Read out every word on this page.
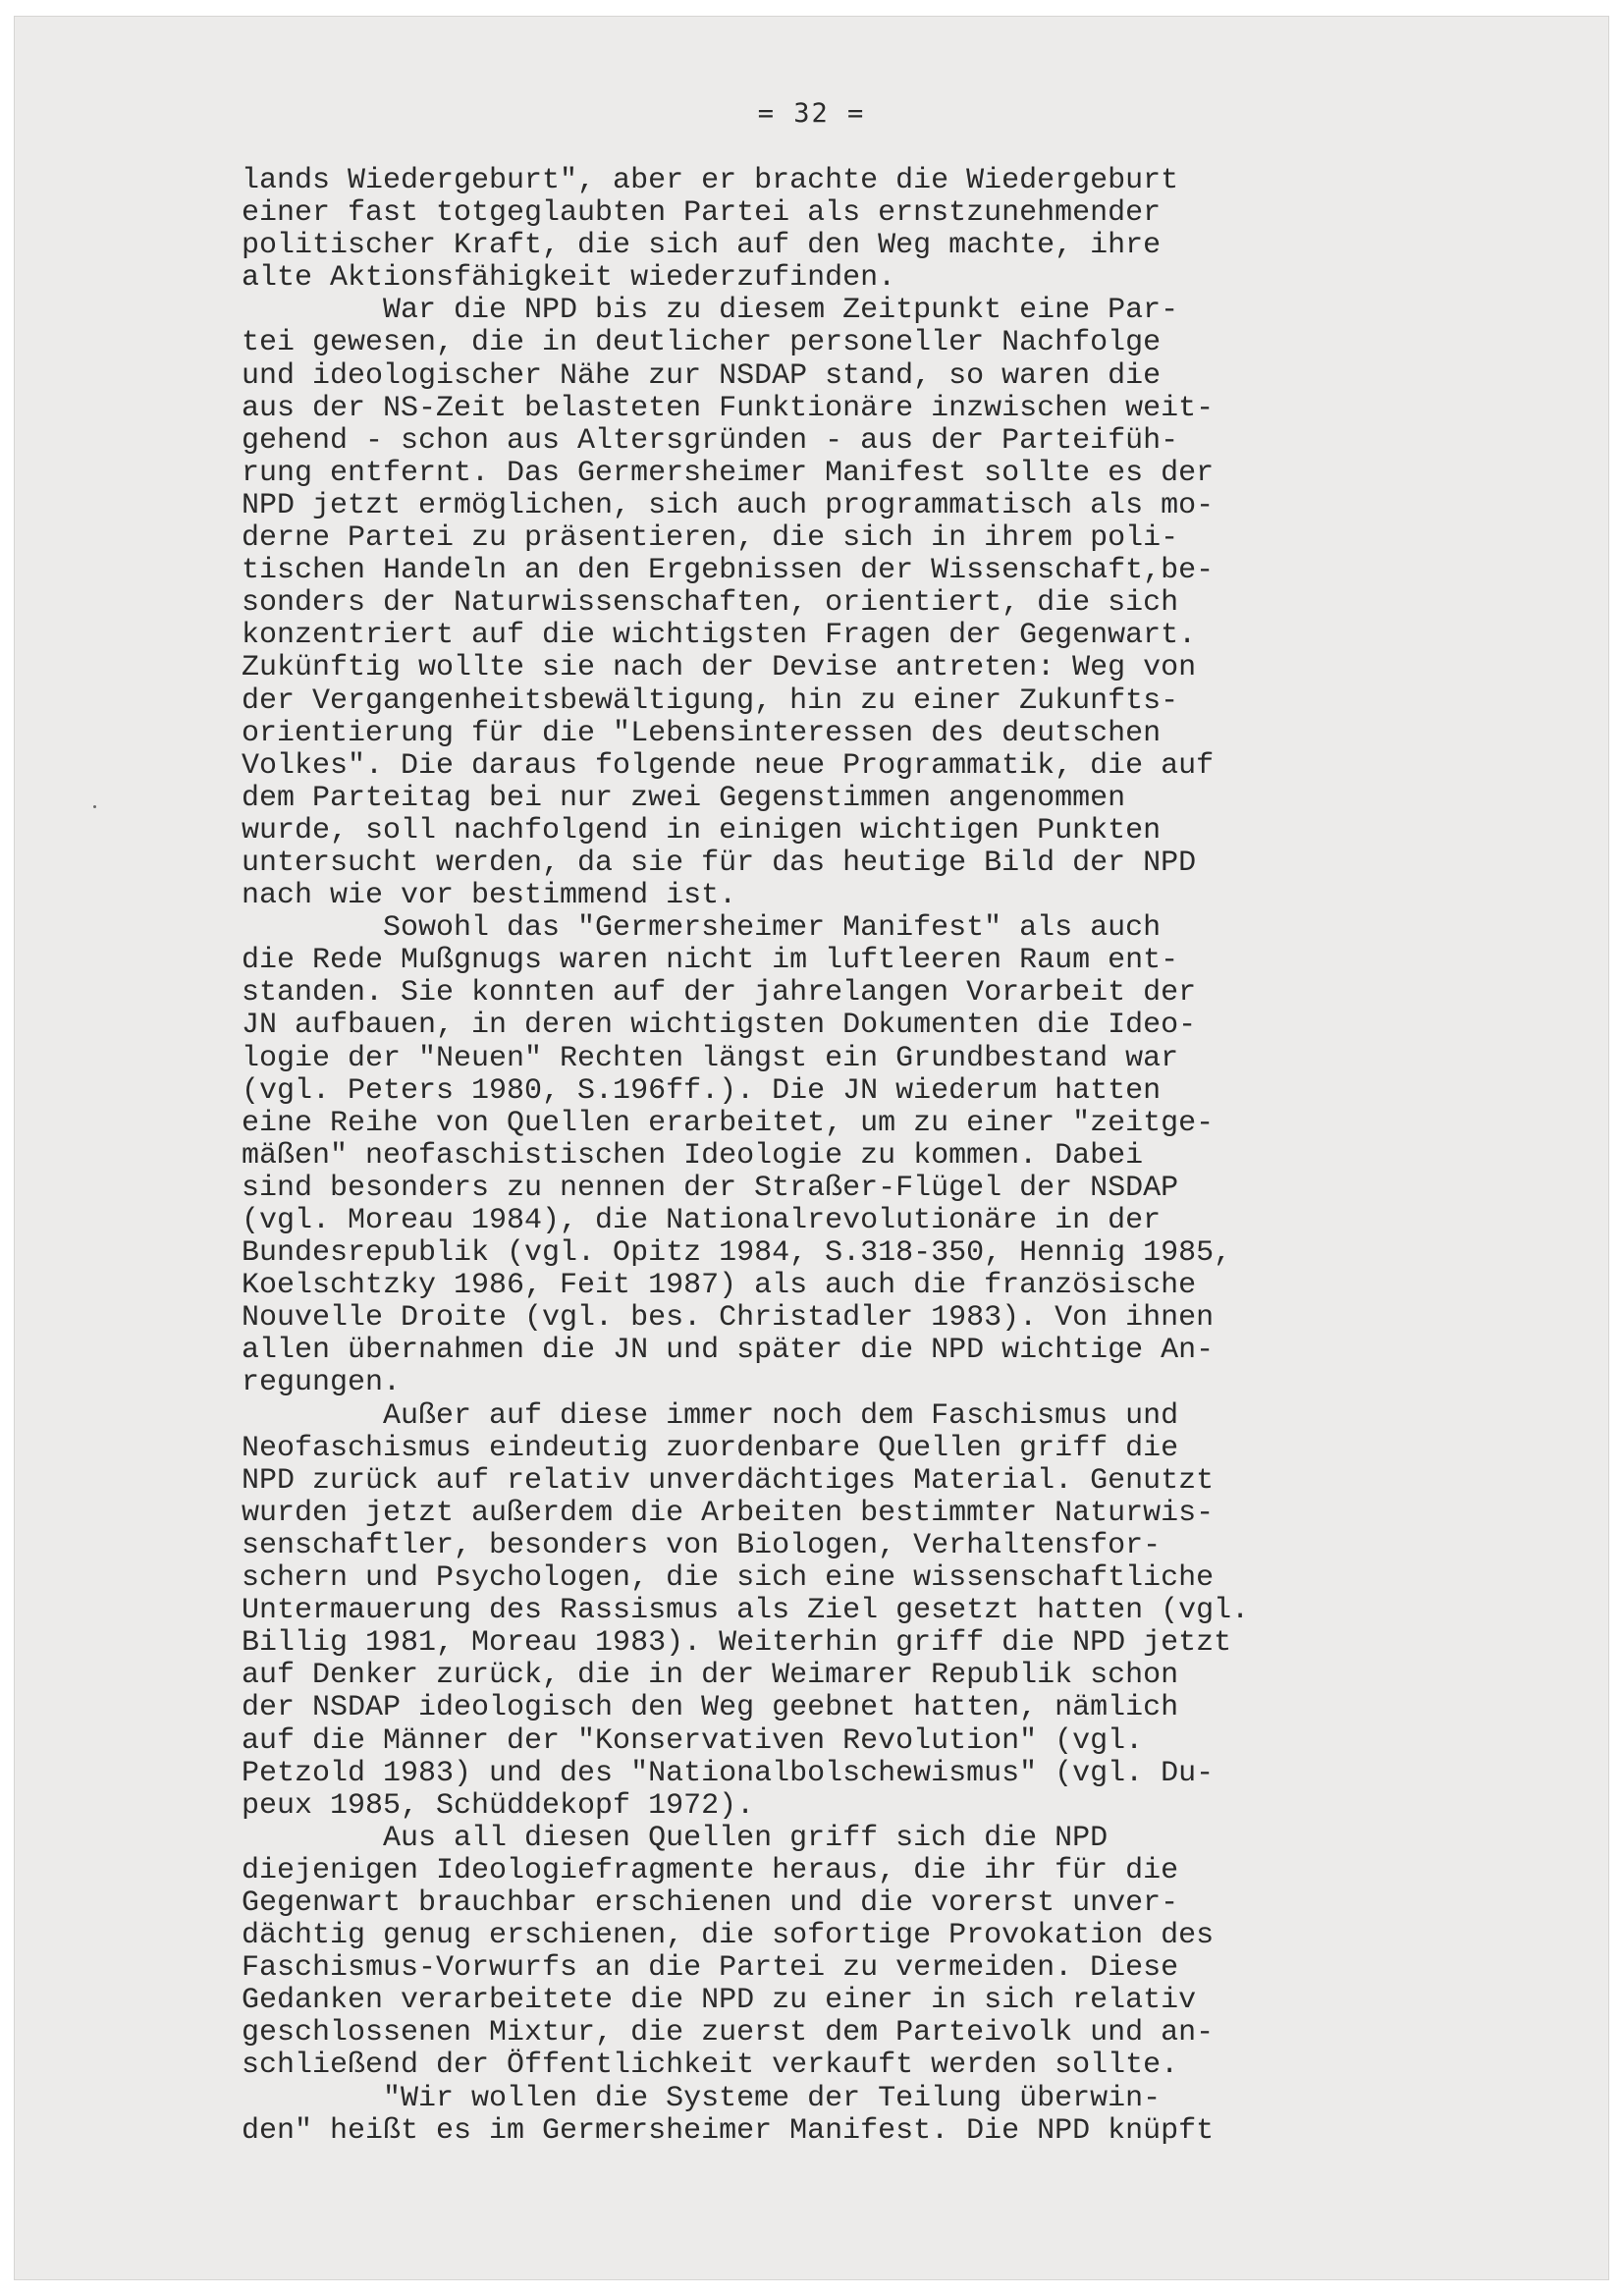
= 32 =
lands Wiedergeburt", aber er brachte die Wiedergeburt
einer fast totgeglaubten Partei als ernstzunehmender
politischer Kraft, die sich auf den Weg machte, ihre
alte Aktionsfähigkeit wiederzufinden.
War die NPD bis zu diesem Zeitpunkt eine Par-
tei gewesen, die in deutlicher personeller Nachfolge
und ideologischer Nähe zur NSDAP stand, so waren die
aus der NS-Zeit belasteten Funktionäre inzwischen weit-
gehend - schon aus Altersgründen - aus der Parteifüh-
rung entfernt. Das Germersheimer Manifest sollte es der
NPD jetzt ermöglichen, sich auch programmatisch als mo-
derne Partei zu präsentieren, die sich in ihrem poli-
tischen Handeln an den Ergebnissen der Wissenschaft,be-
sonders der Naturwissenschaften, orientiert, die sich
konzentriert auf die wichtigsten Fragen der Gegenwart.
Zukünftig wollte sie nach der Devise antreten: Weg von
der Vergangenheitsbewältigung, hin zu einer Zukunfts-
orientierung für die "Lebensinteressen des deutschen
Volkes". Die daraus folgende neue Programmatik, die auf
dem Parteitag bei nur zwei Gegenstimmen angenommen
wurde, soll nachfolgend in einigen wichtigen Punkten
untersucht werden, da sie für das heutige Bild der NPD
nach wie vor bestimmend ist.
Sowohl das "Germersheimer Manifest" als auch
die Rede Mußgnugs waren nicht im luftleeren Raum ent-
standen. Sie konnten auf der jahrelangen Vorarbeit der
JN aufbauen, in deren wichtigsten Dokumenten die Ideo-
logie der "Neuen" Rechten längst ein Grundbestand war
(vgl. Peters 1980, S.196ff.). Die JN wiederum hatten
eine Reihe von Quellen erarbeitet, um zu einer "zeitge-
mäßen" neofaschistischen Ideologie zu kommen. Dabei
sind besonders zu nennen der Straßer-Flügel der NSDAP
(vgl. Moreau 1984), die Nationalrevolutionäre in der
Bundesrepublik (vgl. Opitz 1984, S.318-350, Hennig 1985,
Koelschtzky 1986, Feit 1987) als auch die französische
Nouvelle Droite (vgl. bes. Christadler 1983). Von ihnen
allen übernahmen die JN und später die NPD wichtige An-
regungen.
Außer auf diese immer noch dem Faschismus und
Neofaschismus eindeutig zuordenbare Quellen griff die
NPD zurück auf relativ unverdächtiges Material. Genutzt
wurden jetzt außerdem die Arbeiten bestimmter Naturwis-
senschaftler, besonders von Biologen, Verhaltensfor-
schern und Psychologen, die sich eine wissenschaftliche
Untermauerung des Rassismus als Ziel gesetzt hatten (vgl.
Billig 1981, Moreau 1983). Weiterhin griff die NPD jetzt
auf Denker zurück, die in der Weimarer Republik schon
der NSDAP ideologisch den Weg geebnet hatten, nämlich
auf die Männer der "Konservativen Revolution" (vgl.
Petzold 1983) und des "Nationalbolschewismus" (vgl. Du-
peux 1985, Schüddekopf 1972).
Aus all diesen Quellen griff sich die NPD
diejenigen Ideologiefragmente heraus, die ihr für die
Gegenwart brauchbar erschienen und die vorerst unver-
dächtig genug erschienen, die sofortige Provokation des
Faschismus-Vorwurfs an die Partei zu vermeiden. Diese
Gedanken verarbeitete die NPD zu einer in sich relativ
geschlossenen Mixtur, die zuerst dem Parteivolk und an-
schließend der Öffentlichkeit verkauft werden sollte.
"Wir wollen die Systeme der Teilung überwin-
den" heißt es im Germersheimer Manifest. Die NPD knüpft
